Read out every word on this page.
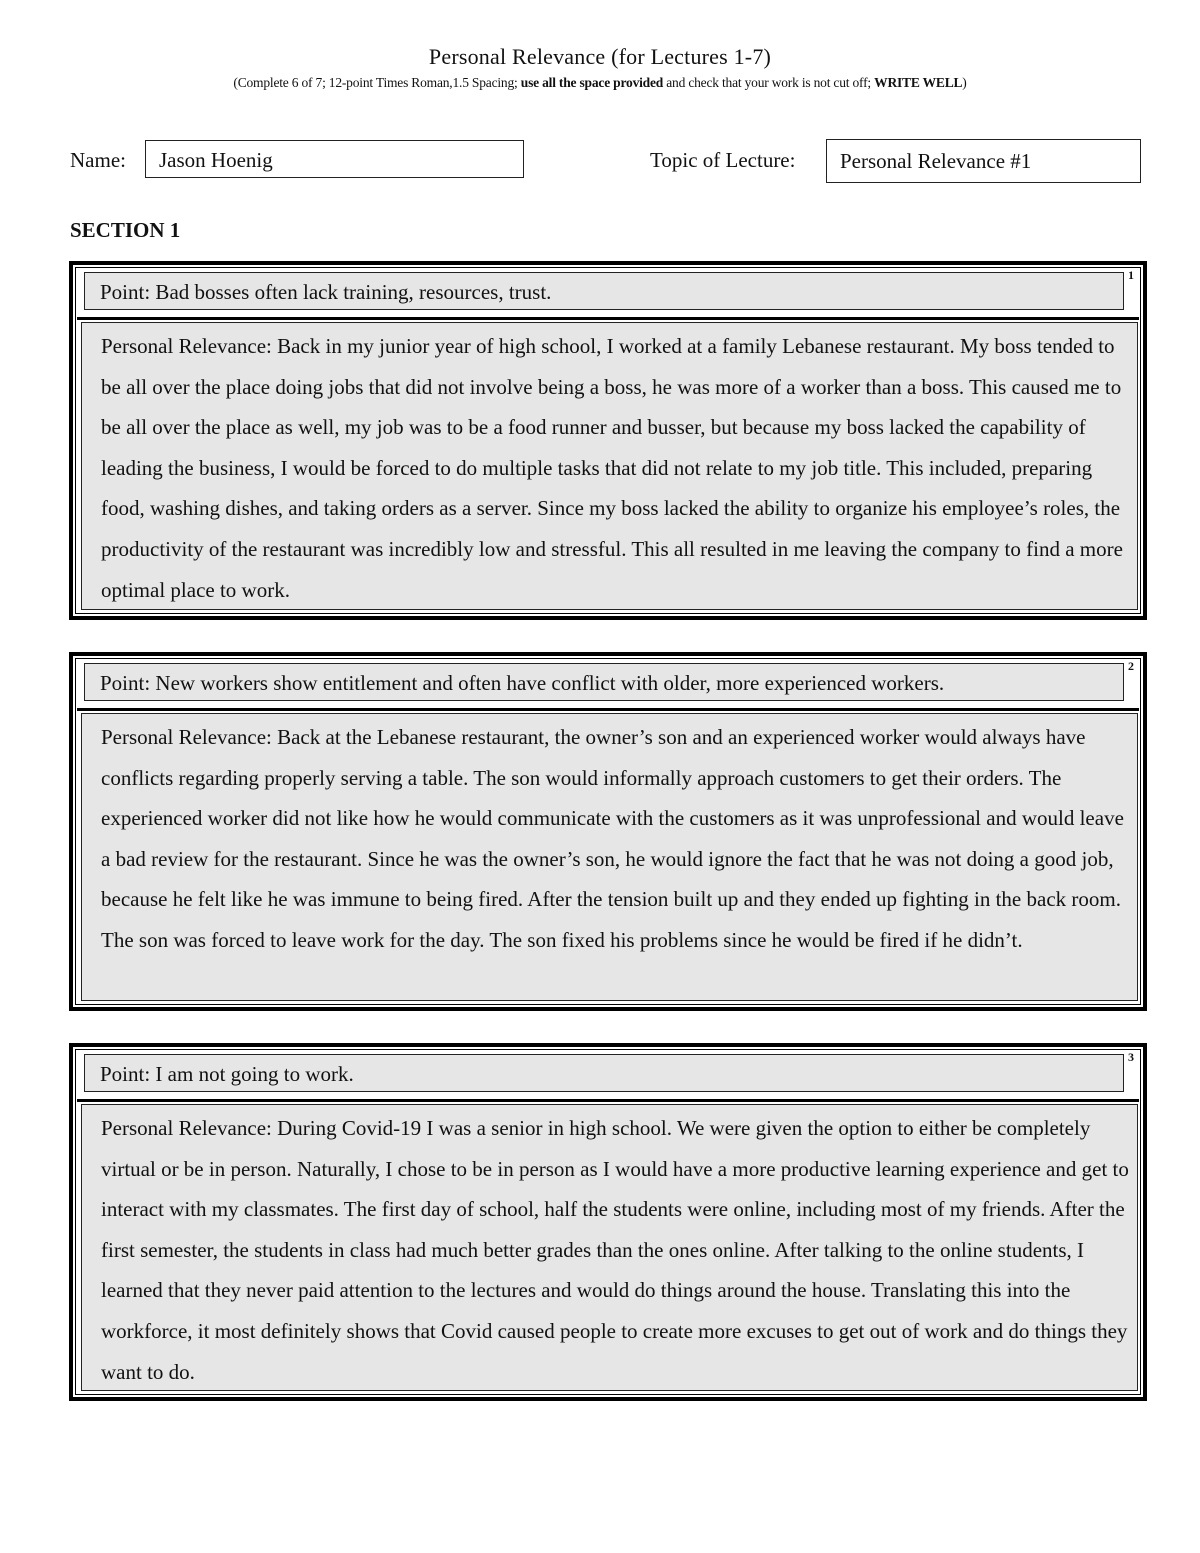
Personal Relevance (for Lectures 1-7)
(Complete 6 of 7; 12-point Times Roman,1.5 Spacing; use all the space provided and check that your work is not cut off; WRITE WELL)
Name:	Jason Hoenig	Topic of Lecture:	Personal Relevance #1
SECTION 1
1
Point: Bad bosses often lack training, resources, trust.
Personal Relevance: Back in my junior year of high school, I worked at a family Lebanese restaurant. My boss tended to be all over the place doing jobs that did not involve being a boss, he was more of a worker than a boss. This caused me to be all over the place as well, my job was to be a food runner and busser, but because my boss lacked the capability of leading the business, I would be forced to do multiple tasks that did not relate to my job title. This included, preparing food, washing dishes, and taking orders as a server. Since my boss lacked the ability to organize his employee’s roles, the productivity of the restaurant was incredibly low and stressful. This all resulted in me leaving the company to find a more optimal place to work.
2
Point: New workers show entitlement and often have conflict with older, more experienced workers.
Personal Relevance: Back at the Lebanese restaurant, the owner’s son and an experienced worker would always have conflicts regarding properly serving a table. The son would informally approach customers to get their orders. The experienced worker did not like how he would communicate with the customers as it was unprofessional and would leave a bad review for the restaurant. Since he was the owner’s son, he would ignore the fact that he was not doing a good job, because he felt like he was immune to being fired. After the tension built up and they ended up fighting in the back room. The son was forced to leave work for the day. The son fixed his problems since he would be fired if he didn’t.
3
Point: I am not going to work.
Personal Relevance: During Covid-19 I was a senior in high school. We were given the option to either be completely virtual or be in person. Naturally, I chose to be in person as I would have a more productive learning experience and get to interact with my classmates. The first day of school, half the students were online, including most of my friends. After the first semester, the students in class had much better grades than the ones online. After talking to the online students, I learned that they never paid attention to the lectures and would do things around the house. Translating this into the workforce, it most definitely shows that Covid caused people to create more excuses to get out of work and do things they want to do.
